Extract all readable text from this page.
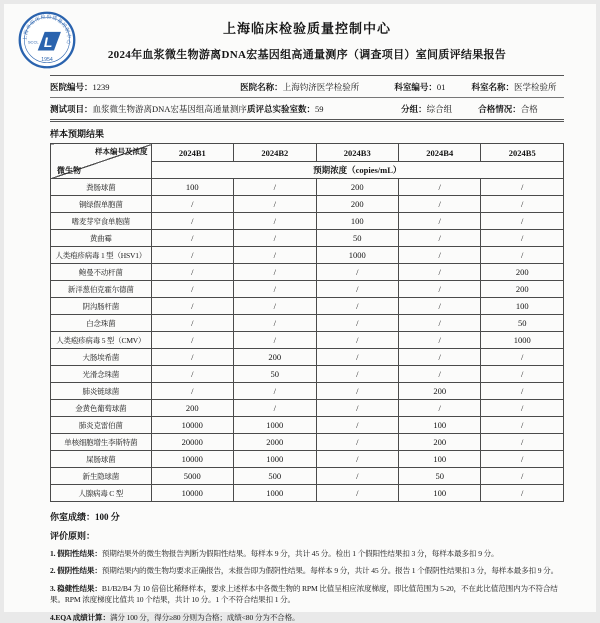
上海市临床检验质量控制中心
SCCL L
1954
上海临床检验质量控制中心
2024年血浆微生物游离DNA宏基因组高通量测序（调查项目）室间质评结果报告
医院编号：1239	医院名称：上海钧济医学检验所	科室编号：01	科室名称：医学检验所
测试项目：血浆微生物游离DNA宏基因组高通量测序 质评总实验室数：59	分组：综合组	合格情况：合格
样本预期结果
样本编号及浓度
微生物	2024B1	2024B2	2024B3	2024B4	2024B5
	预期浓度（copies/mL）				
粪肠球菌	100	/	200	/	/
铜绿假单胞菌	/	/	200	/	/
嗜麦芽窄食单胞菌	/	/	100	/	/
黄曲霉	/	/	50	/	/
人类疱疹病毒 1 型（HSV1）	/	/	1000	/	/
鲍曼不动杆菌	/	/	/	/	200
新洋葱伯克霍尔德菌	/	/	/	/	200
阴沟肠杆菌	/	/	/	/	100
白念珠菌	/	/	/	/	50
人类疱疹病毒 5 型（CMV）	/	/	/	/	1000
大肠埃希菌	/	200	/	/	/
光滑念珠菌	/	50	/	/	/
肺炎链球菌	/	/	/	200	/
金黄色葡萄球菌	200	/	/	/	/
肺炎克雷伯菌	10000	1000	/	100	/
单核细胞增生李斯特菌	20000	2000	/	200	/
屎肠球菌	10000	1000	/	100	/
新生隐球菌	5000	500	/	50	/
人腺病毒 C 型	10000	1000	/	100	/
你室成绩：100 分
评价原则：
1. 假阳性结果：预期结果外的微生物报告判断为假阳性结果。每样本 9 分，共计 45 分。检出 1 个假阳性结果扣 3 分，每样本最多扣 9 分。
2. 假阴性结果：预期结果内的微生物均要求正确报告，未报告即为假阴性结果。每样本 9 分，共计 45 分。报告 1 个假阴性结果扣 3 分，每样本最多扣 9 分。
3. 稳健性结果：B1/B2/B4 为 10 倍倍比稀释样本，要求上述样本中各微生物的 RPM 比值呈相应浓度梯度，即比值范围为 5-20，不在此比值范围内为不符合结果。RPM 浓度梯度比值共 10 个结果，共计 10 分。1 个不符合结果扣 1 分。
4.EQA 成绩计算：满分 100 分，得分≥80 分则为合格；成绩<80 分为不合格。
